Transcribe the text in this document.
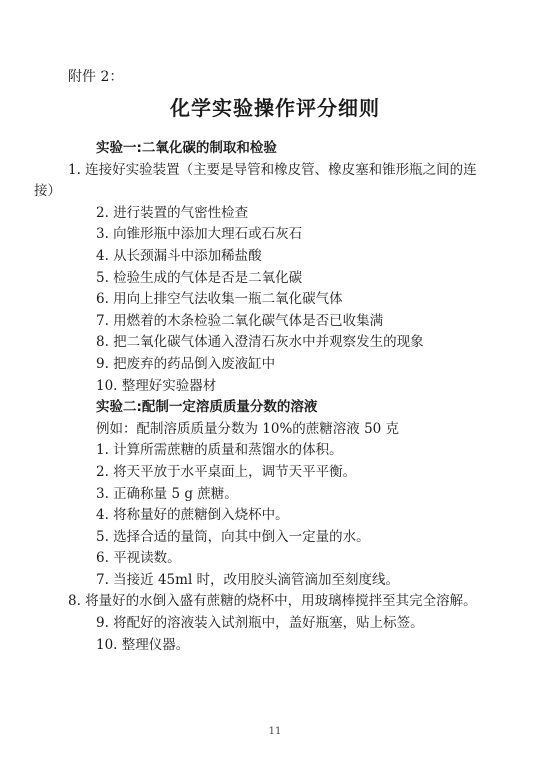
附件 2：
化学实验操作评分细则
实验一:二氧化碳的制取和检验
1. 连接好实验装置（主要是导管和橡皮管、橡皮塞和锥形瓶之间的连接）
2. 进行装置的气密性检查
3. 向锥形瓶中添加大理石或石灰石
4. 从长颈漏斗中添加稀盐酸
5. 检验生成的气体是否是二氧化碳
6. 用向上排空气法收集一瓶二氧化碳气体
7. 用燃着的木条检验二氧化碳气体是否已收集满
8. 把二氧化碳气体通入澄清石灰水中并观察发生的现象
9. 把废弃的药品倒入废液缸中
10. 整理好实验器材
实验二:配制一定溶质质量分数的溶液
例如：配制溶质质量分数为 10%的蔗糖溶液 50 克
1. 计算所需蔗糖的质量和蒸馏水的体积。
2. 将天平放于水平桌面上，调节天平平衡。
3. 正确称量 5 g 蔗糖。
4. 将称量好的蔗糖倒入烧杯中。
5. 选择合适的量筒，向其中倒入一定量的水。
6. 平视读数。
7. 当接近 45ml 时，改用胶头滴管滴加至刻度线。
8. 将量好的水倒入盛有蔗糖的烧杯中，用玻璃棒搅拌至其完全溶解。
9. 将配好的溶液装入试剂瓶中，盖好瓶塞，贴上标签。
10. 整理仪器。
11
